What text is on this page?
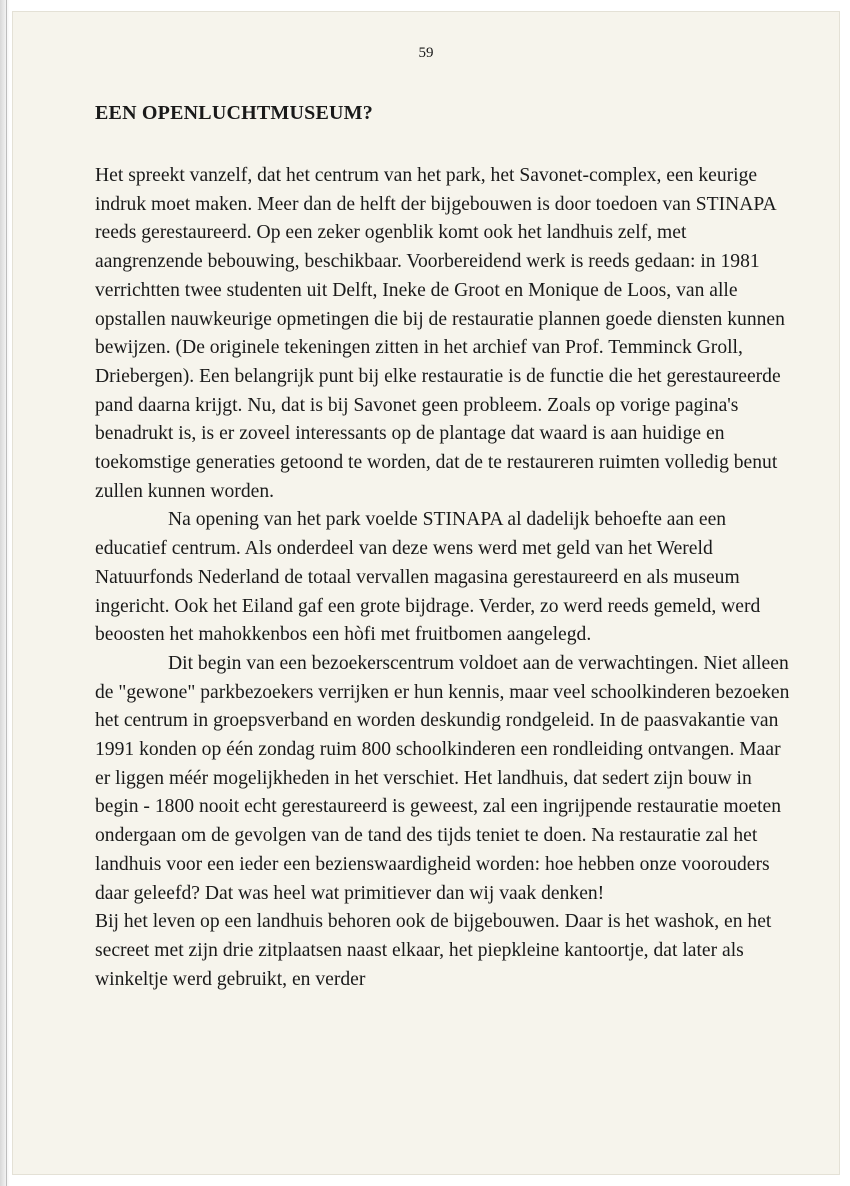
59
EEN OPENLUCHTMUSEUM?

Het spreekt vanzelf, dat het centrum van het park, het Savonet-complex, een keurige indruk moet maken. Meer dan de helft der bijgebouwen is door toedoen van STINAPA reeds gerestaureerd. Op een zeker ogenblik komt ook het landhuis zelf, met aangrenzende bebouwing, beschikbaar. Voorbereidend werk is reeds gedaan: in 1981 verrichtten twee studenten uit Delft, Ineke de Groot en Monique de Loos, van alle opstallen nauwkeurige opmetingen die bij de restauratie plannen goede diensten kunnen bewijzen. (De originele tekeningen zitten in het archief van Prof. Temminck Groll, Driebergen). Een belangrijk punt bij elke restauratie is de functie die het gerestaureerde pand daarna krijgt. Nu, dat is bij Savonet geen probleem. Zoals op vorige pagina's benadrukt is, is er zoveel interessants op de plantage dat waard is aan huidige en toekomstige generaties getoond te worden, dat de te restaureren ruimten volledig benut zullen kunnen worden.

Na opening van het park voelde STINAPA al dadelijk behoefte aan een educatief centrum. Als onderdeel van deze wens werd met geld van het Wereld Natuurfonds Nederland de totaal vervallen magasina gerestaureerd en als museum ingericht. Ook het Eiland gaf een grote bijdrage. Verder, zo werd reeds gemeld, werd beoosten het mahokkenbos een hòfi met fruitbomen aangelegd.

Dit begin van een bezoekerscentrum voldoet aan de verwachtingen. Niet alleen de "gewone" parkbezoekers verrijken er hun kennis, maar veel schoolkinderen bezoeken het centrum in groepsverband en worden deskundig rondgeleid. In de paasvakantie van 1991 konden op één zondag ruim 800 schoolkinderen een rondleiding ontvangen. Maar er liggen méér mogelijkheden in het verschiet. Het landhuis, dat sedert zijn bouw in begin - 1800 nooit echt gerestaureerd is geweest, zal een ingrijpende restauratie moeten ondergaan om de gevolgen van de tand des tijds teniet te doen. Na restauratie zal het landhuis voor een ieder een bezienswaardigheid worden: hoe hebben onze voorouders daar geleefd? Dat was heel wat primitiever dan wij vaak denken!

Bij het leven op een landhuis behoren ook de bijgebouwen. Daar is het washok, en het secreet met zijn drie zitplaatsen naast elkaar, het piepkleine kantoortje, dat later als winkeltje werd gebruikt, en verder
